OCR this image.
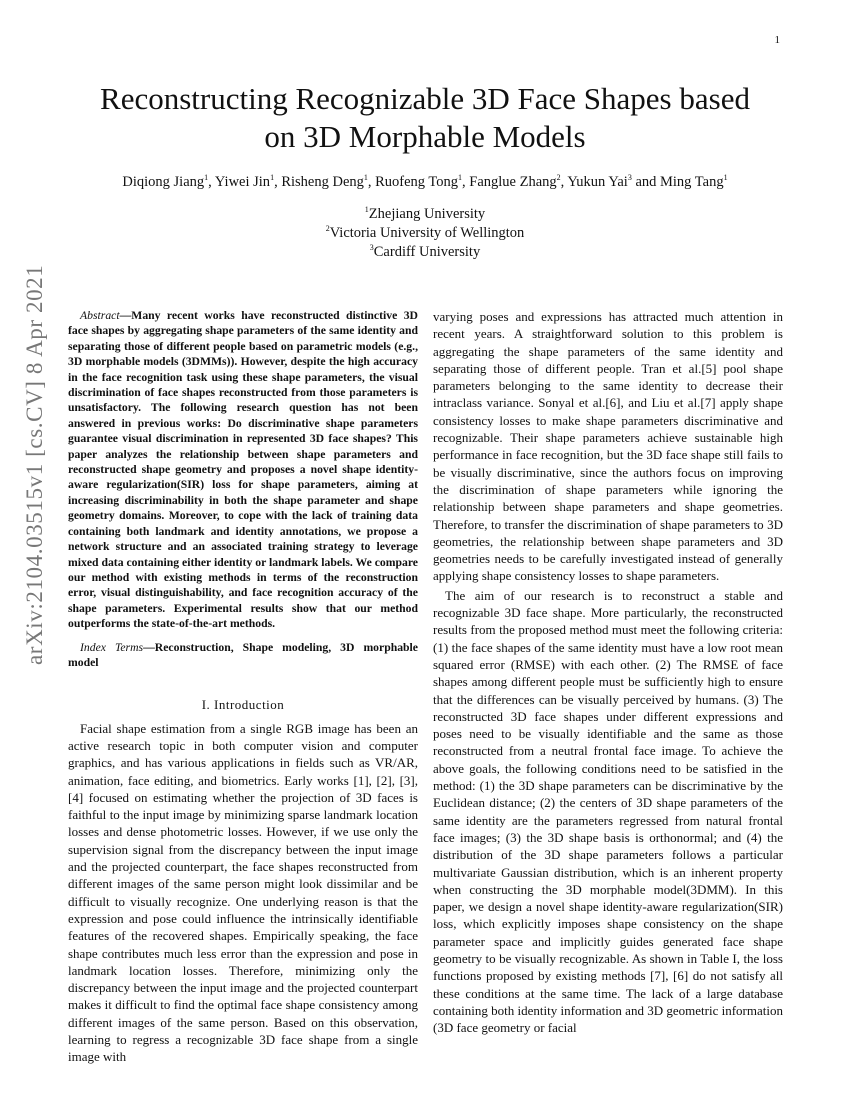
1
arXiv:2104.03515v1 [cs.CV] 8 Apr 2021
Reconstructing Recognizable 3D Face Shapes based
on 3D Morphable Models
Diqiong Jiang$^1$, Yiwei Jin$^1$, Risheng Deng$^1$, Ruofeng Tong$^1$, Fanglue Zhang$^2$, Yukun Yai$^3$ and Ming Tang$^1$
$^1$Zhejiang University
$^2$Victoria University of Wellington
$^3$Cardiff University

Abstract—Many recent works have reconstructed distinctive 3D face shapes by aggregating shape parameters of the same identity and separating those of different people based on parametric models (e.g., 3D morphable models (3DMMs)). However, despite the high accuracy in the face recognition task using these shape parameters, the visual discrimination of face shapes reconstructed from those parameters is unsatisfactory. The following research question has not been answered in previous works: Do discriminative shape parameters guarantee visual discrimination in represented 3D face shapes? This paper analyzes the relationship between shape parameters and reconstructed shape geometry and proposes a novel shape identity-aware regularization(SIR) loss for shape parameters, aiming at increasing discriminability in both the shape parameter and shape geometry domains. Moreover, to cope with the lack of training data containing both landmark and identity annotations, we propose a network structure and an associated training strategy to leverage mixed data containing either identity or landmark labels. We compare our method with existing methods in terms of the reconstruction error, visual distinguishability, and face recognition accuracy of the shape parameters. Experimental results show that our method outperforms the state-of-the-art methods.

Index Terms—Reconstruction, Shape modeling, 3D morphable model

I. Introduction

Facial shape estimation from a single RGB image has been an active research topic in both computer vision and computer graphics, and has various applications in fields such as VR/AR, animation, face editing, and biometrics. Early works [1], [2], [3], [4] focused on estimating whether the projection of 3D faces is faithful to the input image by minimizing sparse landmark location losses and dense photometric losses. However, if we use only the supervision signal from the discrepancy between the input image and the projected counterpart, the face shapes reconstructed from different images of the same person might look dissimilar and be difficult to visually recognize. One underlying reason is that the expression and pose could influence the intrinsically identifiable features of the recovered shapes. Empirically speaking, the face shape contributes much less error than the expression and pose in landmark location losses. Therefore, minimizing only the discrepancy between the input image and the projected counterpart makes it difficult to find the optimal face shape consistency among different images of the same person. Based on this observation, learning to regress a recognizable 3D face shape from a single image with

varying poses and expressions has attracted much attention in recent years. A straightforward solution to this problem is aggregating the shape parameters of the same identity and separating those of different people. Tran et al.[5] pool shape parameters belonging to the same identity to decrease their intraclass variance. Sonyal et al.[6], and Liu et al.[7] apply shape consistency losses to make shape parameters discriminative and recognizable. Their shape parameters achieve sustainable high performance in face recognition, but the 3D face shape still fails to be visually discriminative, since the authors focus on improving the discrimination of shape parameters while ignoring the relationship between shape parameters and shape geometries. Therefore, to transfer the discrimination of shape parameters to 3D geometries, the relationship between shape parameters and 3D geometries needs to be carefully investigated instead of generally applying shape consistency losses to shape parameters.

The aim of our research is to reconstruct a stable and recognizable 3D face shape. More particularly, the reconstructed results from the proposed method must meet the following criteria: (1) the face shapes of the same identity must have a low root mean squared error (RMSE) with each other. (2) The RMSE of face shapes among different people must be sufficiently high to ensure that the differences can be visually perceived by humans. (3) The reconstructed 3D face shapes under different expressions and poses need to be visually identifiable and the same as those reconstructed from a neutral frontal face image. To achieve the above goals, the following conditions need to be satisfied in the method: (1) the 3D shape parameters can be discriminative by the Euclidean distance; (2) the centers of 3D shape parameters of the same identity are the parameters regressed from natural frontal face images; (3) the 3D shape basis is orthonormal; and (4) the distribution of the 3D shape parameters follows a particular multivariate Gaussian distribution, which is an inherent property when constructing the 3D morphable model(3DMM). In this paper, we design a novel shape identity-aware regularization(SIR) loss, which explicitly imposes shape consistency on the shape parameter space and implicitly guides generated face shape geometry to be visually recognizable. As shown in Table I, the loss functions proposed by existing methods [7], [6] do not satisfy all these conditions at the same time. The lack of a large database containing both identity information and 3D geometric information (3D face geometry or facial
